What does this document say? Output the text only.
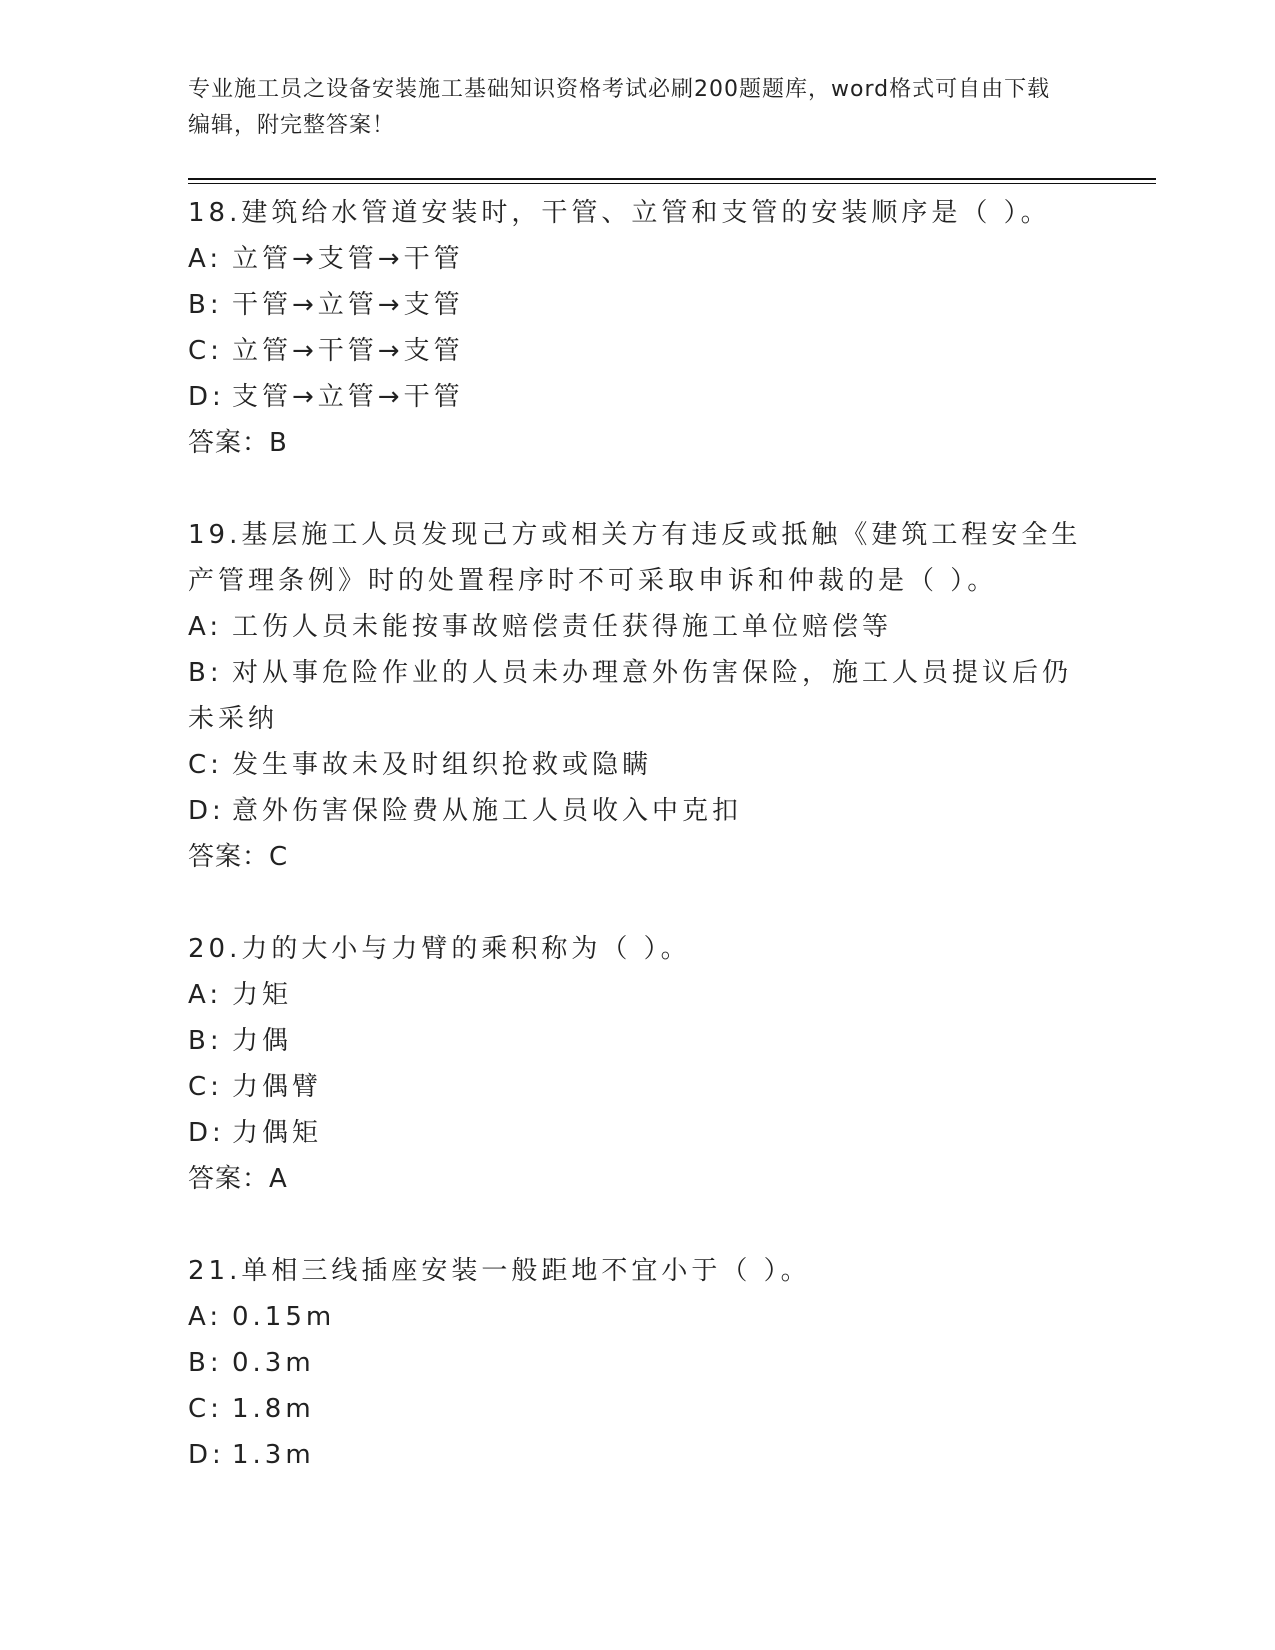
专业施工员之设备安装施工基础知识资格考试必刷200题题库，word格式可自由下载编辑，附完整答案！

18.建筑给水管道安装时，干管、立管和支管的安装顺序是（ ）。

A: 立管→支管→干管

B: 干管→立管→支管

C: 立管→干管→支管

D: 支管→立管→干管

答案：B

19.基层施工人员发现己方或相关方有违反或抵触《建筑工程安全生产管理条例》时的处置程序时不可采取申诉和仲裁的是（ ）。

A: 工伤人员未能按事故赔偿责任获得施工单位赔偿等

B: 对从事危险作业的人员未办理意外伤害保险，施工人员提议后仍未采纳

C: 发生事故未及时组织抢救或隐瞒

D: 意外伤害保险费从施工人员收入中克扣

答案：C

20.力的大小与力臂的乘积称为（ ）。

A: 力矩

B: 力偶

C: 力偶臂

D: 力偶矩

答案：A

21.单相三线插座安装一般距地不宜小于（ ）。

A: 0.15m

B: 0.3m

C: 1.8m

D: 1.3m
